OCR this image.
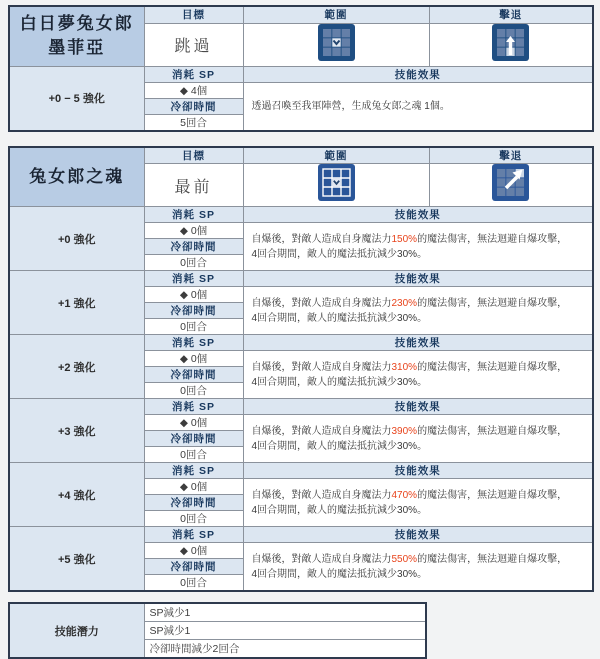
白日夢兔女郎
墨菲亞	目標	範圍	擊退
	跳過		
+0 − 5 強化	消耗 SP	技能效果	
	◆ 4個	透過召喚至我軍陣營，生成兔女郎之魂 1個。	
	冷卻時間		
	5回合		
兔女郎之魂	目標	範圍	擊退
	最前		
+0 強化	消耗 SP	技能效果	
	◆ 0個	自爆後，對敵人造成自身魔法力150%的魔法傷害，無法迴避自爆攻擊，
4回合期間，敵人的魔法抵抗減少30%。	

	冷卻時間		
	0回合		
+1 強化	消耗 SP	技能效果	
	◆ 0個	自爆後，對敵人造成自身魔法力230%的魔法傷害，無法迴避自爆攻擊，
4回合期間，敵人的魔法抵抗減少30%。	

	冷卻時間		
	0回合		
+2 強化	消耗 SP	技能效果	
	◆ 0個	自爆後，對敵人造成自身魔法力310%的魔法傷害，無法迴避自爆攻擊，
4回合期間，敵人的魔法抵抗減少30%。	

	冷卻時間		
	0回合		
+3 強化	消耗 SP	技能效果	
	◆ 0個	自爆後，對敵人造成自身魔法力390%的魔法傷害，無法迴避自爆攻擊，
4回合期間，敵人的魔法抵抗減少30%。	

	冷卻時間		
	0回合		
+4 強化	消耗 SP	技能效果	
	◆ 0個	自爆後，對敵人造成自身魔法力470%的魔法傷害，無法迴避自爆攻擊，
4回合期間，敵人的魔法抵抗減少30%。	

	冷卻時間		
	0回合		
+5 強化	消耗 SP	技能效果	
	◆ 0個	自爆後，對敵人造成自身魔法力550%的魔法傷害，無法迴避自爆攻擊，
4回合期間，敵人的魔法抵抗減少30%。	

	冷卻時間		
	0回合		
技能潛力	SP減少1
SP減少1
冷卻時間減少2回合
